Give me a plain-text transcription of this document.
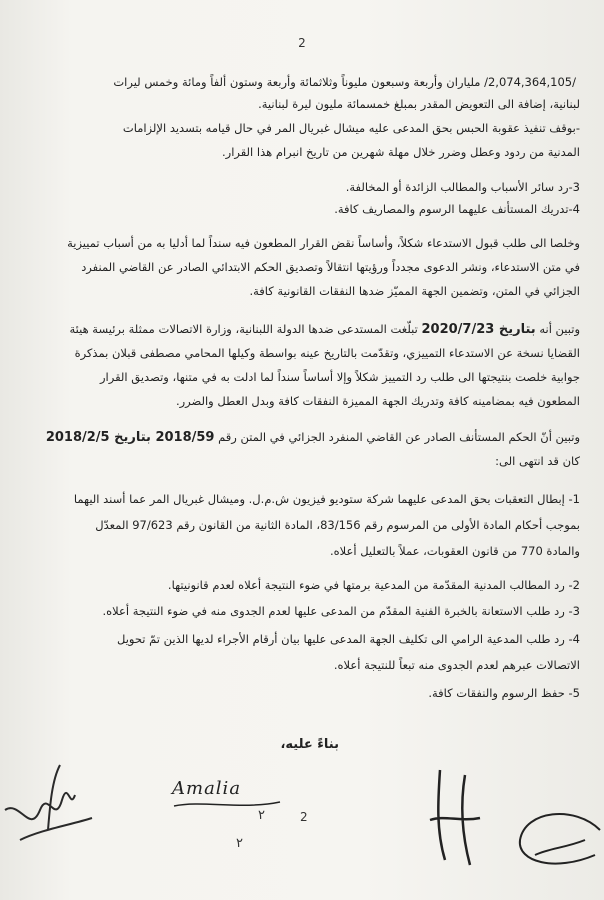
2
/2,074,364,105/ ملياران وأربعة وسبعون مليوناً وثلاثمائة وأربعة وستون ألفاً ومائة وخمس ليرات
لبنانية، إضافة الى التعويض المقدر بمبلغ خمسمائة مليون ليرة لبنانية.
-بوقف تنفيذ عقوبة الحبس بحق المدعى عليه ميشال غبريال المر في حال قيامه بتسديد الإلزامات
المدنية من ردود وعطل وضرر خلال مهلة شهرين من تاريخ انبرام هذا القرار.
3-رد سائر الأسباب والمطالب الزائدة أو المخالفة.
4-تدريك المستأنف عليهما الرسوم والمصاريف كافة.
وخلصا الى طلب قبول الاستدعاء شكلاً، وأساساً نقض القرار المطعون فيه سنداً لما أدليا به من أسباب تمييزية
في متن الاستدعاء، ونشر الدعوى مجدداً ورؤيتها انتقالاً وتصديق الحكم الابتدائي الصادر عن القاضي المنفرد
الجزائي في المتن، وتضمين الجهة المميّز ضدها النفقات القانونية كافة.
وتبين أنه بتاريخ 2020/7/23 تبلّغت المستدعى ضدها الدولة اللبنانية، وزارة الاتصالات ممثلة برئيسة هيئة
القضايا نسخة عن الاستدعاء التمييزي، وتقدّمت بالتاريخ عينه بواسطة وكيلها المحامي مصطفى قبلان بمذكرة
جوابية خلصت بنتيجتها الى طلب رد التمييز شكلاً وإلا أساساً سنداً لما ادلت به في متنها، وتصديق القرار
المطعون فيه بمضامينه كافة وتدريك الجهة المميزة النفقات كافة وبدل العطل والضرر.
وتبين أنّ الحكم المستأنف الصادر عن القاضي المنفرد الجزائي في المتن رقم 2018/59 بتاريخ 2018/2/5
كان قد انتهى الى:
1- إبطال التعقبات بحق المدعى عليهما شركة ستوديو فيزيون ش.م.ل. وميشال غبريال المر عما أسند اليهما
بموجب أحكام المادة الأولى من المرسوم رقم 83/156، المادة الثانية من القانون رقم 97/623 المعدّل
والمادة 770 من قانون العقوبات، عملاً بالتعليل أعلاه.
2- رد المطالب المدنية المقدّمة من المدعية برمتها في ضوء النتيجة أعلاه لعدم قانونيتها.
3- رد طلب الاستعانة بالخبرة الفنية المقدّم من المدعى عليها لعدم الجدوى منه في ضوء النتيجة أعلاه.
4- رد طلب المدعية الرامي الى تكليف الجهة المدعى عليها بيان أرقام الأجراء لديها الذين تمّ تحويل
الاتصالات عبرهم لعدم الجدوى منه تبعاً للنتيجة أعلاه.
5- حفظ الرسوم والنفقات كافة.
بناءً عليه،
Amalia
٢	2
٢
